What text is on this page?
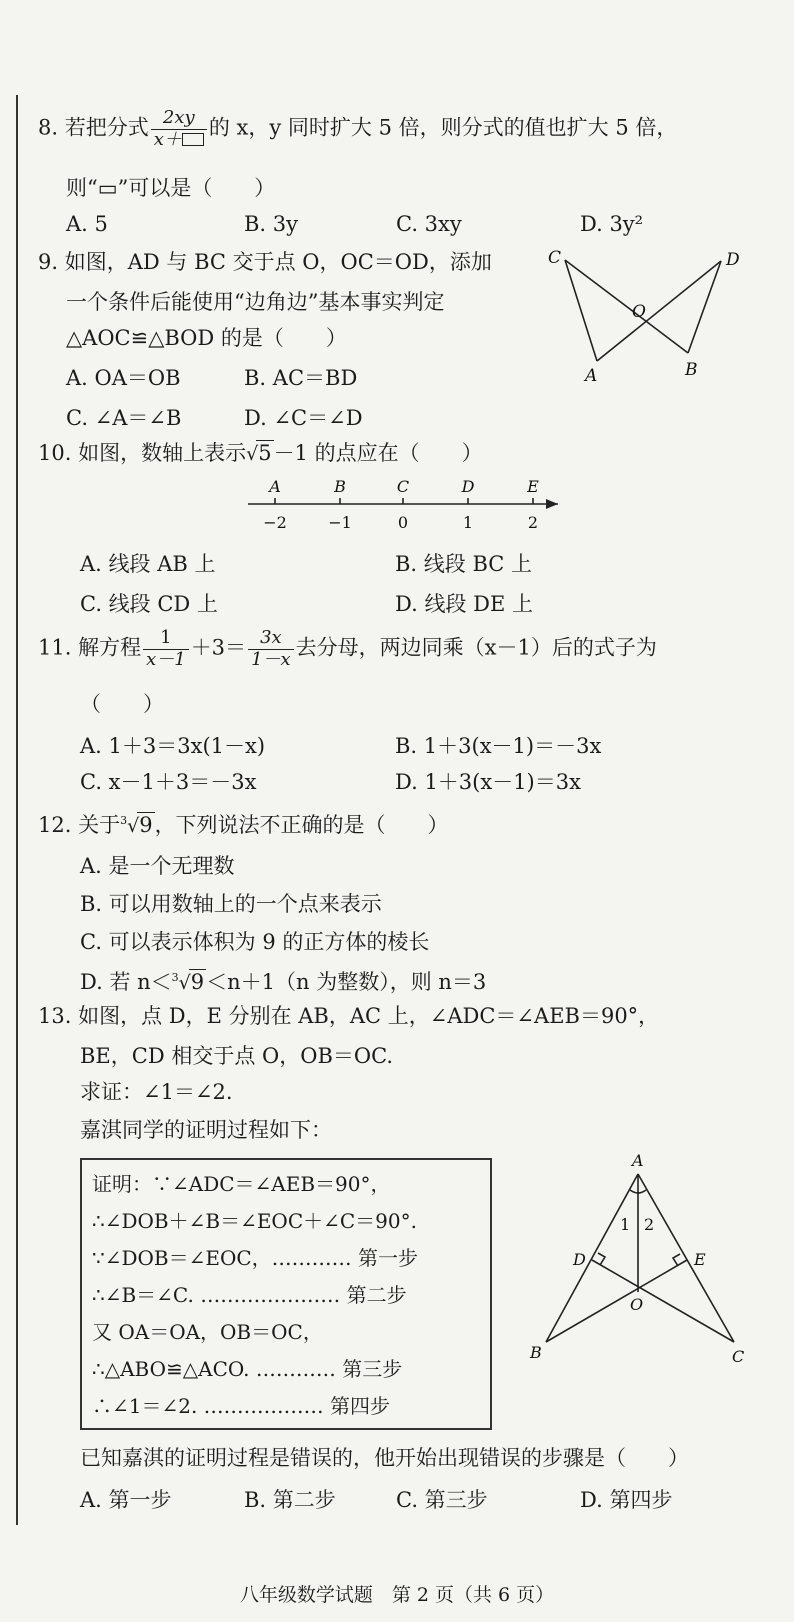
8. 若把分式 $\frac{2xy}{x+}$ 的 x，y 同时扩大 5 倍，则分式的值也扩大 5 倍，
则“▭”可以是（　　）
A. 5	B. 3y	C. 3xy	D. 3y²
9. 如图，AD 与 BC 交于点 O，OC＝OD，添加
一个条件后能使用“边角边”基本事实判定
△AOC≌△BOD 的是（　　）
A. OA＝OB	B. AC＝BD
C. ∠A＝∠B	D. ∠C＝∠D
C	D
O
A	B
10. 如图，数轴上表示√5－1 的点应在（　　）
A	B	C	D	E
−2	−1	0	1	2
A. 线段 AB 上	B. 线段 BC 上
C. 线段 CD 上	D. 线段 DE 上
11. 解方程 $\frac{1}{x-1} +3= \frac{3x}{1-x}$ 去分母，两边同乘（x－1）后的式子为
（　　）
A. 1＋3＝3x(1－x)	B. 1＋3(x－1)＝－3x
C. x－1＋3＝－3x	D. 1＋3(x－1)＝3x
12. 关于$^3$√9，下列说法不正确的是（　　）
A. 是一个无理数
B. 可以用数轴上的一个点来表示
C. 可以表示体积为 9 的正方体的棱长
D. 若 n＜$^3$√9＜n＋1（n 为整数），则 n＝3
13. 如图，点 D，E 分别在 AB，AC 上，∠ADC＝∠AEB＝90°，
BE，CD 相交于点 O，OB＝OC.
求证：∠1＝∠2.
嘉淇同学的证明过程如下：
证明：∵∠ADC＝∠AEB＝90°，
∴∠DOB＋∠B＝∠EOC＋∠C＝90°.
∵∠DOB＝∠EOC，………… 第一步
∴∠B＝∠C. ………………… 第二步
又 OA＝OA，OB＝OC，
∴△ABO≌△ACO. ………… 第三步
∴∠1＝∠2. ……………… 第四步
A
1 2
D	E
O
B	C
已知嘉淇的证明过程是错误的，他开始出现错误的步骤是（　　）
A. 第一步	B. 第二步	C. 第三步	D. 第四步
八年级数学试题　第 2 页（共 6 页）
